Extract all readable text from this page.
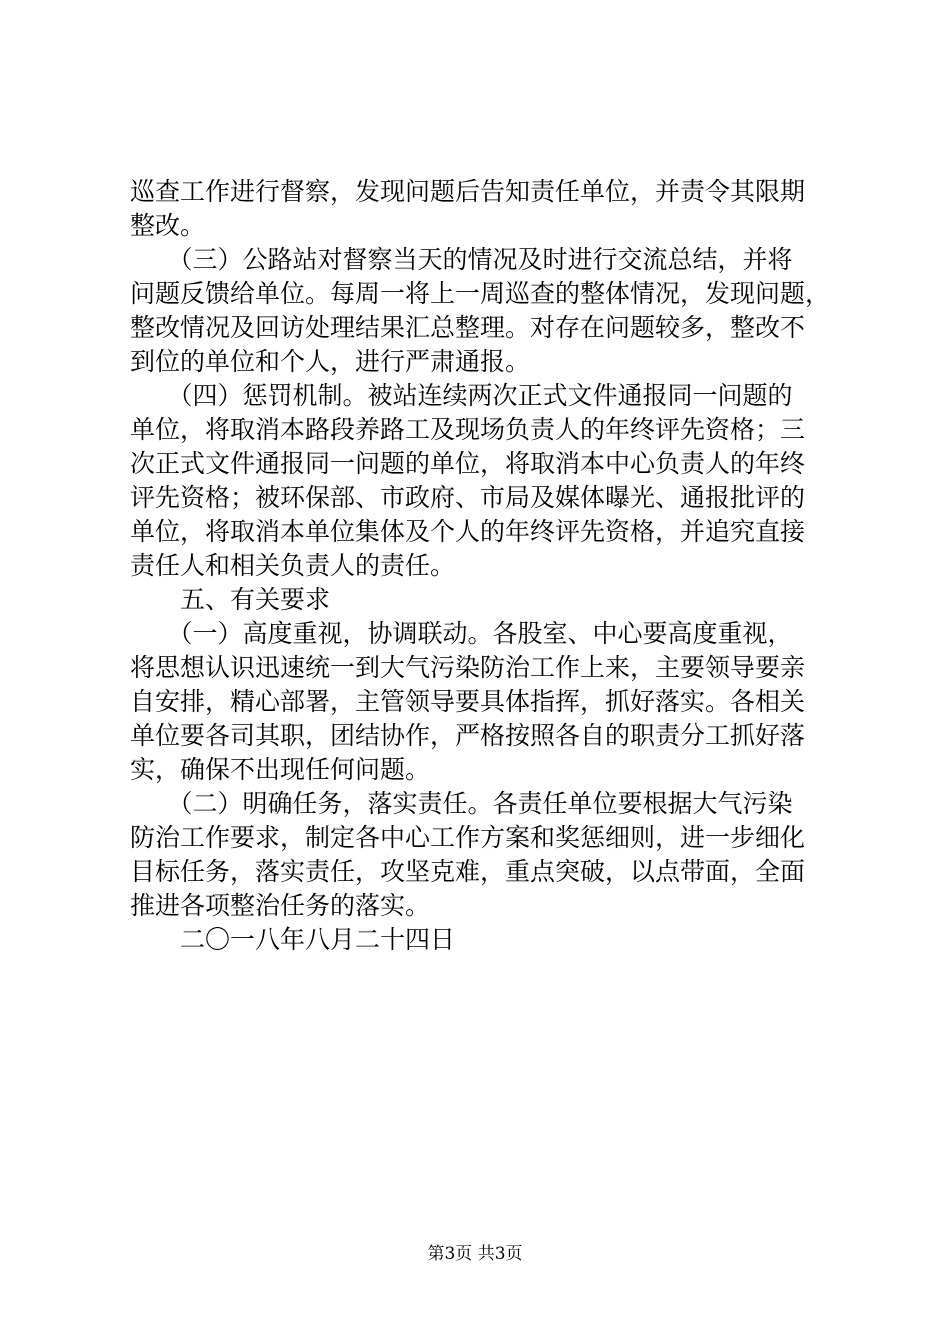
巡查工作进行督察，发现问题后告知责任单位，并责令其限期
整改。
　　（三）公路站对督察当天的情况及时进行交流总结，并将
问题反馈给单位。每周一将上一周巡查的整体情况，发现问题，
整改情况及回访处理结果汇总整理。对存在问题较多，整改不
到位的单位和个人，进行严肃通报。
　　（四）惩罚机制。被站连续两次正式文件通报同一问题的
单位，将取消本路段养路工及现场负责人的年终评先资格；三
次正式文件通报同一问题的单位，将取消本中心负责人的年终
评先资格；被环保部、市政府、市局及媒体曝光、通报批评的
单位，将取消本单位集体及个人的年终评先资格，并追究直接
责任人和相关负责人的责任。
　　五、有关要求
　　（一）高度重视，协调联动。各股室、中心要高度重视，
将思想认识迅速统一到大气污染防治工作上来，主要领导要亲
自安排，精心部署，主管领导要具体指挥，抓好落实。各相关
单位要各司其职，团结协作，严格按照各自的职责分工抓好落
实，确保不出现任何问题。
　　（二）明确任务，落实责任。各责任单位要根据大气污染
防治工作要求，制定各中心工作方案和奖惩细则，进一步细化
目标任务，落实责任，攻坚克难，重点突破，以点带面，全面
推进各项整治任务的落实。
　　二〇一八年八月二十四日
第3页 共3页
